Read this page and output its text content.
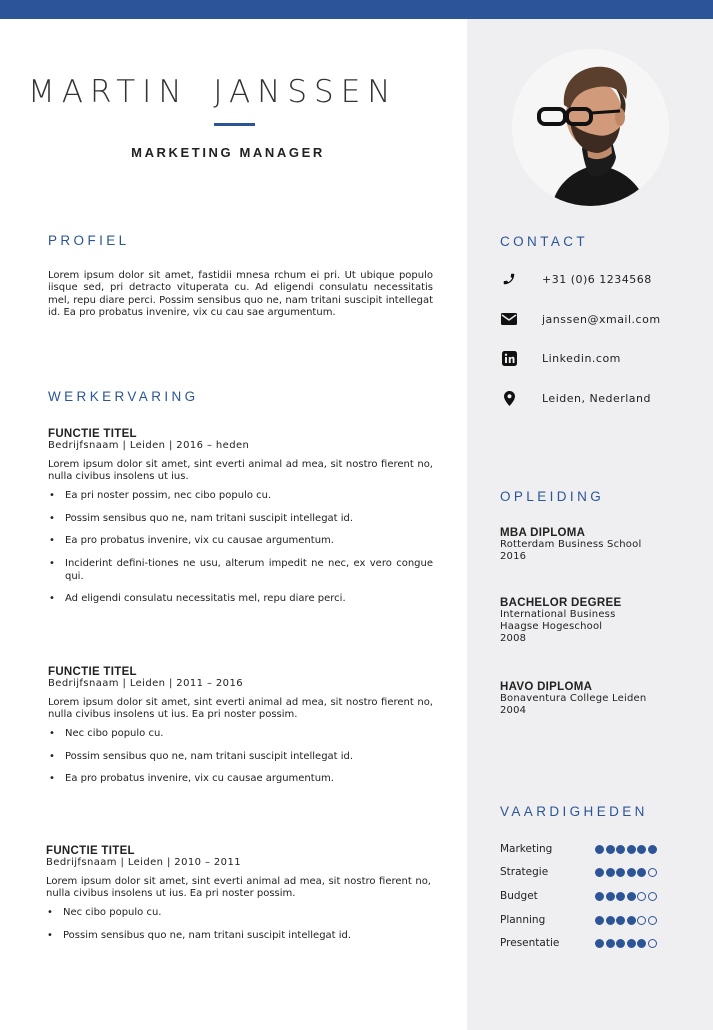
MARTIN JANSSEN
MARKETING MANAGER
PROFIEL
Lorem ipsum dolor sit amet, fastidii mnesa rchum ei pri. Ut ubique populo iisque sed, pri detracto vituperata cu. Ad eligendi consulatu necessitatis mel, repu diare perci. Possim sensibus quo ne, nam tritani suscipit intellegat id. Ea pro probatus invenire, vix cu cau sae argumentum.
WERKERVARING
FUNCTIE TITEL
Bedrijfsnaam | Leiden | 2016 – heden
Lorem ipsum dolor sit amet, sint everti animal ad mea, sit nostro fierent no, nulla civibus insolens ut ius.
• Ea pri noster possim, nec cibo populo cu.
• Possim sensibus quo ne, nam tritani suscipit intellegat id.
• Ea pro probatus invenire, vix cu causae argumentum.
• Inciderint defini-tiones ne usu, alterum impedit ne nec, ex vero congue qui.
• Ad eligendi consulatu necessitatis mel, repu diare perci.
FUNCTIE TITEL
Bedrijfsnaam | Leiden | 2011 – 2016
Lorem ipsum dolor sit amet, sint everti animal ad mea, sit nostro fierent no, nulla civibus insolens ut ius. Ea pri noster possim.
• Nec cibo populo cu.
• Possim sensibus quo ne, nam tritani suscipit intellegat id.
• Ea pro probatus invenire, vix cu causae argumentum.
FUNCTIE TITEL
Bedrijfsnaam | Leiden | 2010 – 2011
Lorem ipsum dolor sit amet, sint everti animal ad mea, sit nostro fierent no, nulla civibus insolens ut ius. Ea pri noster possim.
• Nec cibo populo cu.
• Possim sensibus quo ne, nam tritani suscipit intellegat id.
CONTACT
+31 (0)6 1234568
janssen@xmail.com
Linkedin.com
Leiden, Nederland
OPLEIDING
MBA DIPLOMA
Rotterdam Business School
2016
BACHELOR DEGREE
International Business
Haagse Hogeschool
2008
HAVO DIPLOMA
Bonaventura College Leiden
2004
VAARDIGHEDEN
Marketing
Strategie
Budget
Planning
Presentatie
